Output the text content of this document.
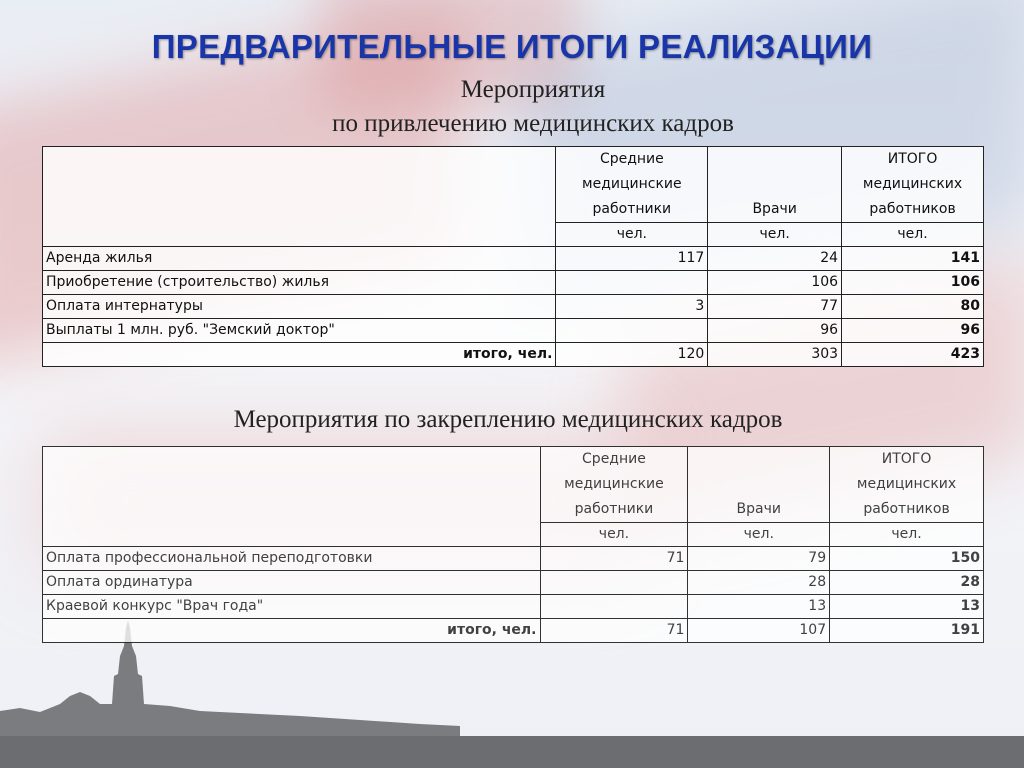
ПРЕДВАРИТЕЛЬНЫЕ ИТОГИ РЕАЛИЗАЦИИ
Мероприятия
по привлечению медицинских кадров
	Средние
медицинские
работники	Врачи	ИТОГО
медицинских
работников
	чел.	чел.	чел.
Аренда жилья	117	24	141
Приобретение (строительство) жилья		106	106
Оплата интернатуры	3	77	80
Выплаты 1 млн. руб. "Земский доктор"		96	96
итого, чел.	120	303	423
Мероприятия по закреплению медицинских кадров
	Средние
медицинские
работники	Врачи	ИТОГО
медицинских
работников
	чел.	чел.	чел.
Оплата профессиональной переподготовки	71	79	150
Оплата ординатура		28	28
Краевой конкурс "Врач года"		13	13
итого, чел.	71	107	191
